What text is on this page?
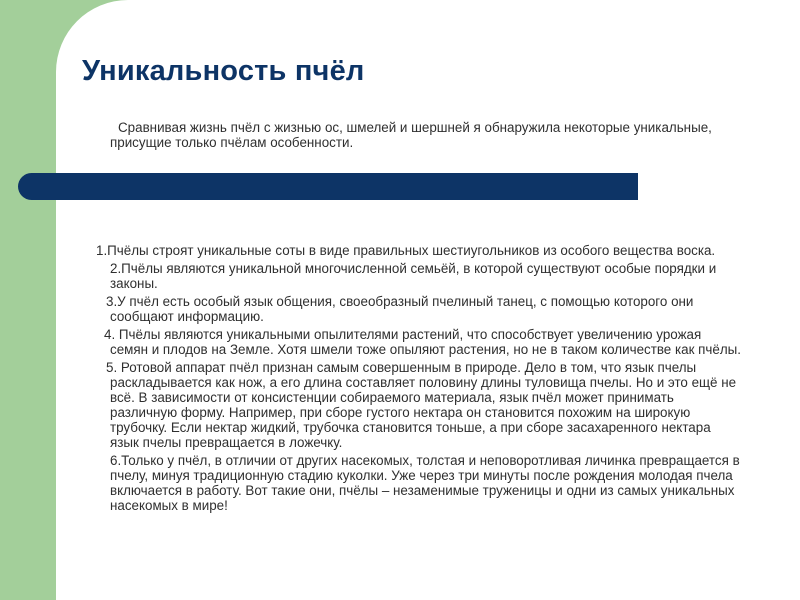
Уникальность пчёл

Сравнивая жизнь пчёл с жизнью ос, шмелей и шершней я обнаружила некоторые уникальные, присущие только пчёлам особенности.

1.Пчёлы строят уникальные соты в виде правильных шестиугольников из особого вещества воска.

2.Пчёлы являются уникальной многочисленной семьёй, в которой существуют особые порядки и законы.

3.У пчёл есть особый язык общения, своеобразный пчелиный танец, с помощью которого они сообщают информацию.

4. Пчёлы являются уникальными опылителями растений, что способствует увеличению урожая семян и плодов на Земле. Хотя шмели тоже опыляют растения, но не в таком количестве как пчёлы.

5. Ротовой аппарат пчёл признан самым совершенным в природе. Дело в том, что язык пчелы раскладывается как нож, а его длина составляет половину длины туловища пчелы. Но и это ещё не всё. В зависимости от консистенции собираемого материала, язык пчёл может принимать различную форму. Например, при сборе густого нектара он становится похожим на широкую трубочку. Если нектар жидкий, трубочка становится тоньше, а при сборе засахаренного нектара язык пчелы превращается в ложечку.

6.Только у пчёл, в отличии от других насекомых, толстая и неповоротливая личинка превращается в пчелу, минуя традиционную стадию куколки. Уже через три минуты после рождения молодая пчела включается в работу. Вот такие они, пчёлы – незаменимые труженицы и одни из самых уникальных насекомых в мире!
